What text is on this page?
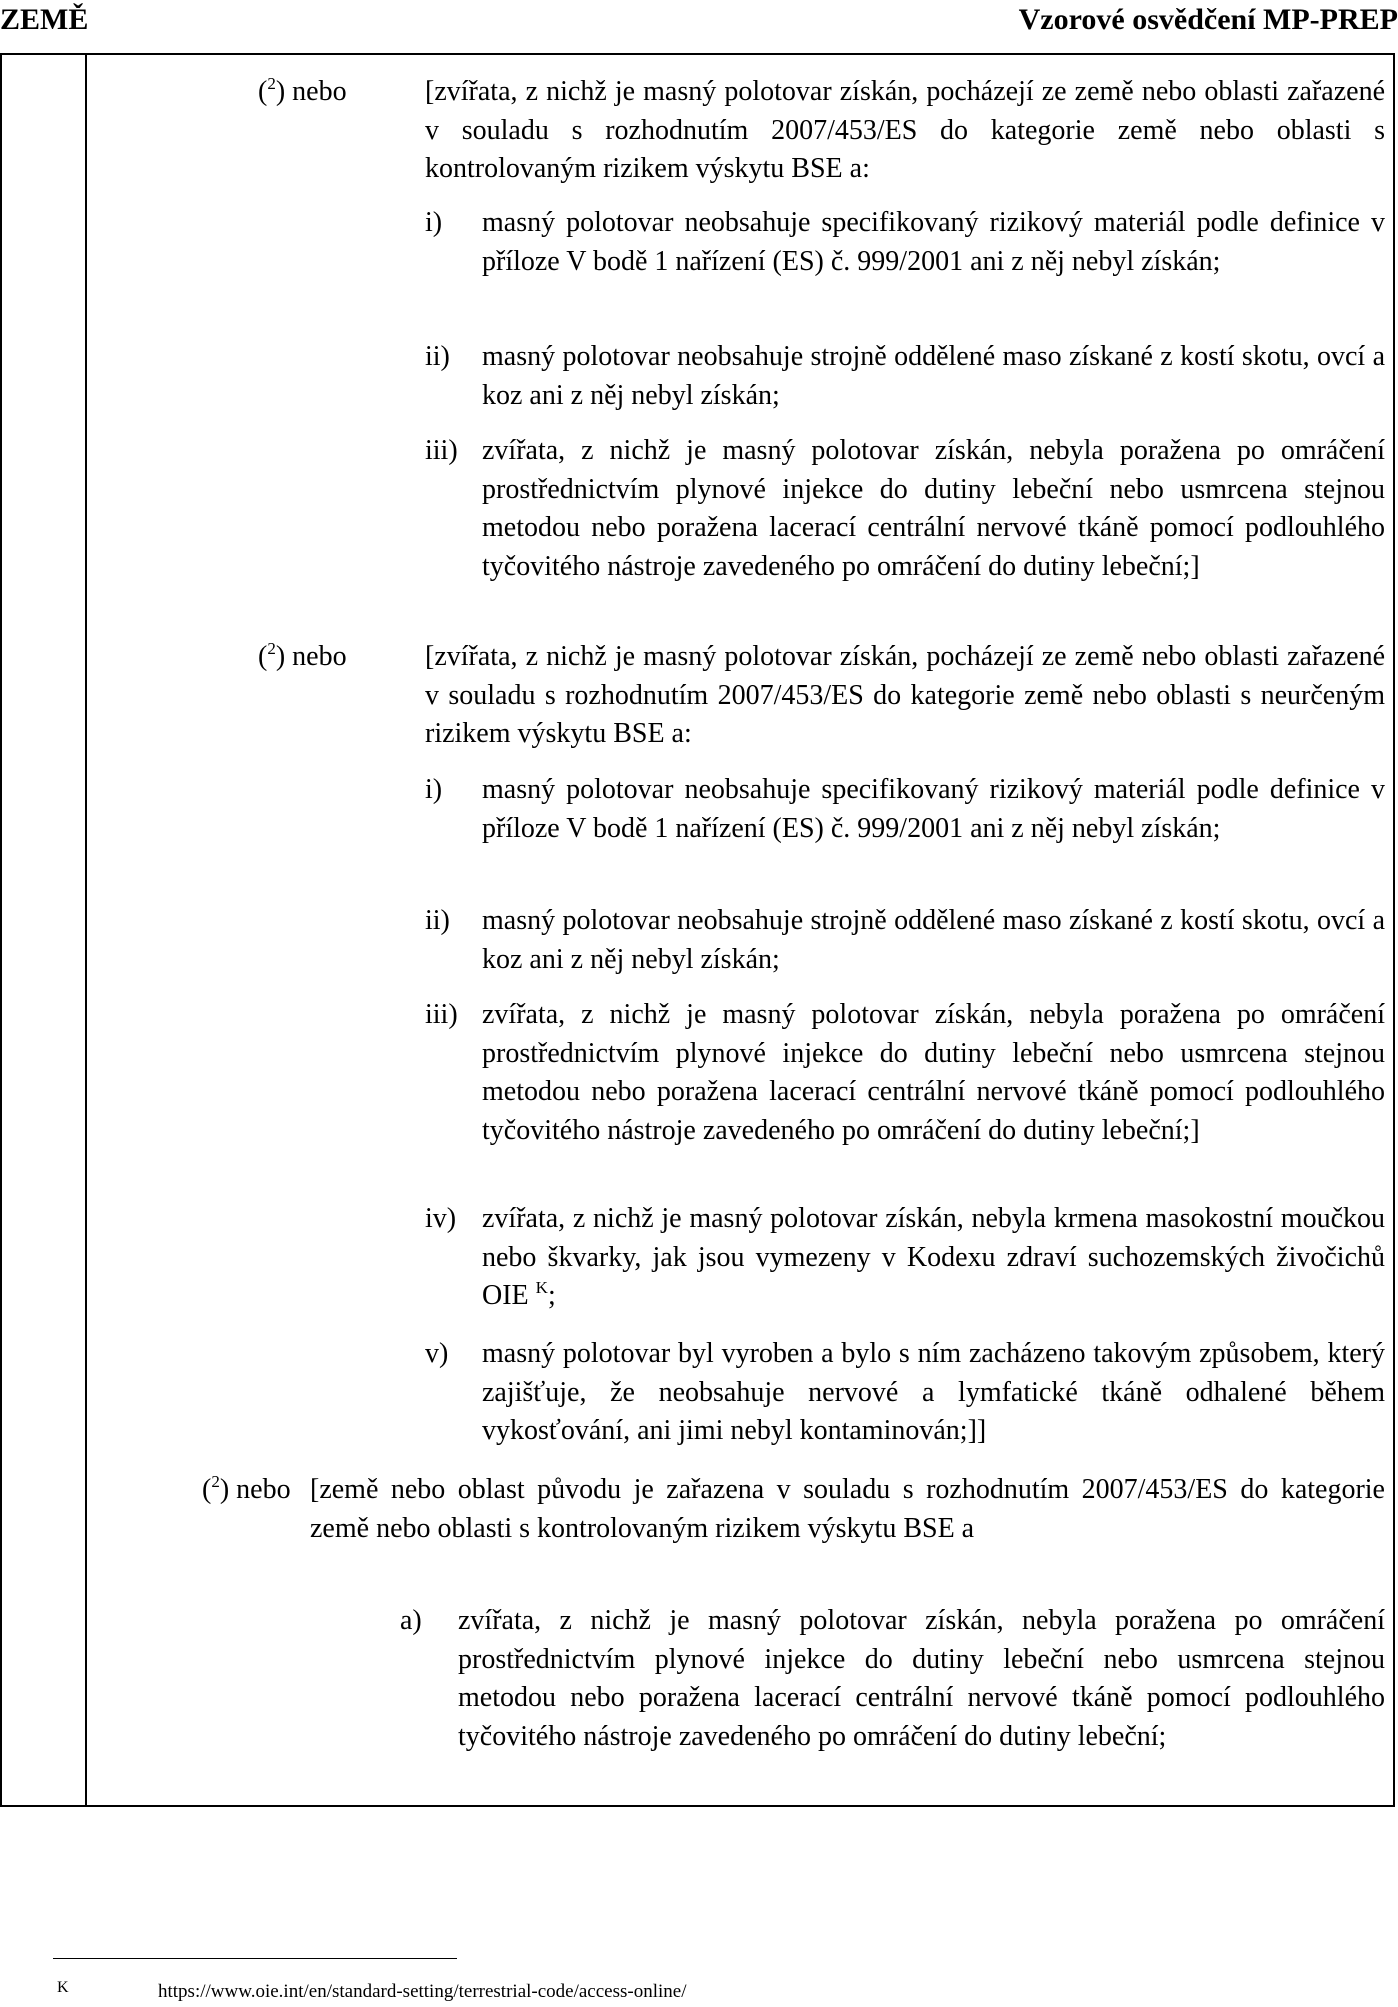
ZEMĚ	Vzorové osvědčení MP-PREP
($^2$) nebo	[zvířata, z nichž je masný polotovar získán, pocházejí ze země nebo oblasti zařazené v souladu s rozhodnutím 2007/453/ES do kategorie země nebo oblasti s kontrolovaným rizikem výskytu BSE a:
i) masný polotovar neobsahuje specifikovaný rizikový materiál podle definice v příloze V bodě 1 nařízení (ES) č. 999/2001 ani z něj nebyl získán;
ii) masný polotovar neobsahuje strojně oddělené maso získané z kostí skotu, ovcí a koz ani z něj nebyl získán;
iii) zvířata, z nichž je masný polotovar získán, nebyla poražena po omráčení prostřednictvím plynové injekce do dutiny lebeční nebo usmrcena stejnou metodou nebo poražena lacerací centrální nervové tkáně pomocí podlouhlého tyčovitého nástroje zavedeného po omráčení do dutiny lebeční;]
($^2$) nebo	[zvířata, z nichž je masný polotovar získán, pocházejí ze země nebo oblasti zařazené v souladu s rozhodnutím 2007/453/ES do kategorie země nebo oblasti s neurčeným rizikem výskytu BSE a:
i) masný polotovar neobsahuje specifikovaný rizikový materiál podle definice v příloze V bodě 1 nařízení (ES) č. 999/2001 ani z něj nebyl získán;
ii) masný polotovar neobsahuje strojně oddělené maso získané z kostí skotu, ovcí a koz ani z něj nebyl získán;
iii) zvířata, z nichž je masný polotovar získán, nebyla poražena po omráčení prostřednictvím plynové injekce do dutiny lebeční nebo usmrcena stejnou metodou nebo poražena lacerací centrální nervové tkáně pomocí podlouhlého tyčovitého nástroje zavedeného po omráčení do dutiny lebeční;]
iv) zvířata, z nichž je masný polotovar získán, nebyla krmena masokostní moučkou nebo škvarky, jak jsou vymezeny v Kodexu zdraví suchozemských živočichů OIE $^K$;
v) masný polotovar byl vyroben a bylo s ním zacházeno takovým způsobem, který zajišťuje, že neobsahuje nervové a lymfatické tkáně odhalené během vykosťování, ani jimi nebyl kontaminován;]]
($^2$) nebo [země nebo oblast původu je zařazena v souladu s rozhodnutím 2007/453/ES do kategorie země nebo oblasti s kontrolovaným rizikem výskytu BSE a
a) zvířata, z nichž je masný polotovar získán, nebyla poražena po omráčení prostřednictvím plynové injekce do dutiny lebeční nebo usmrcena stejnou metodou nebo poražena lacerací centrální nervové tkáně pomocí podlouhlého tyčovitého nástroje zavedeného po omráčení do dutiny lebeční;
K	https://www.oie.int/en/standard-setting/terrestrial-code/access-online/
